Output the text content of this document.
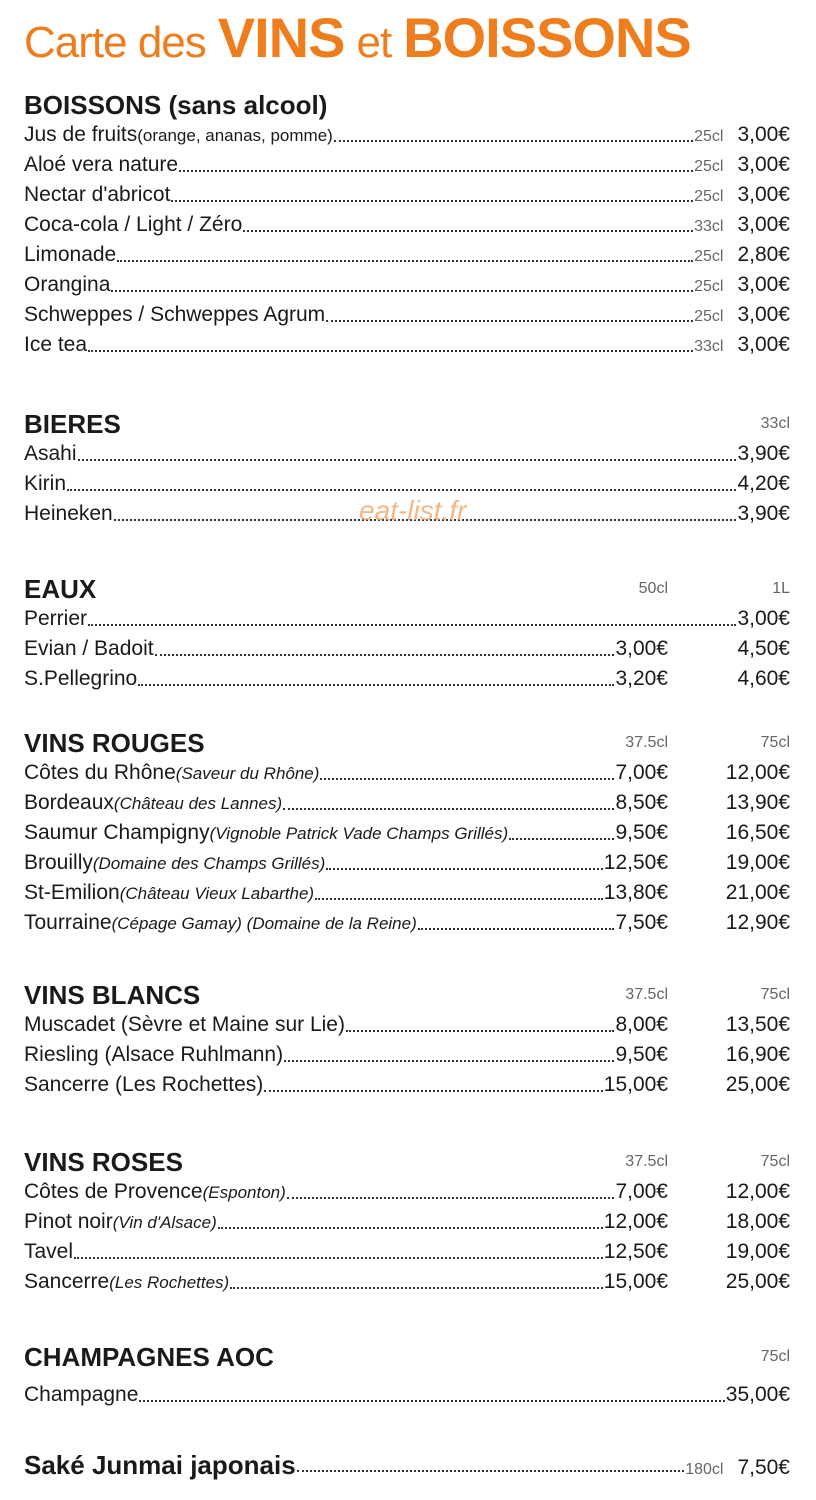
Carte des VINS et BOISSONS
BOISSONS (sans alcool)
Jus de fruits (orange, ananas, pomme)	25cl 3,00€
Aloé vera nature	25cl 3,00€
Nectar d'abricot	25cl 3,00€
Coca-cola / Light / Zéro	33cl 3,00€
Limonade	25cl 2,80€
Orangina	25cl 3,00€
Schweppes / Schweppes Agrum	25cl 3,00€
Ice tea	33cl 3,00€
BIERES	33cl
Asahi	3,90€
Kirin	4,20€
Heineken	3,90€
EAUX	50cl	1L
Perrier	3,00€
Evian / Badoit	3,00€	4,50€
S.Pellegrino	3,20€	4,60€
VINS ROUGES	37.5cl	75cl
Côtes du Rhône (Saveur du Rhône)	7,00€	12,00€
Bordeaux (Château des Lannes)	8,50€	13,90€
Saumur Champigny (Vignoble Patrick Vade Champs Grillés)	9,50€	16,50€
Brouilly (Domaine des Champs Grillés)	12,50€	19,00€
St-Emilion (Château Vieux Labarthe)	13,80€	21,00€
Tourraine (Cépage Gamay) (Domaine de la Reine)	7,50€	12,90€
VINS BLANCS	37.5cl	75cl
Muscadet (Sèvre et Maine sur Lie)	8,00€	13,50€
Riesling (Alsace Ruhlmann)	9,50€	16,90€
Sancerre (Les Rochettes)	15,00€	25,00€
VINS ROSES	37.5cl	75cl
Côtes de Provence (Esponton)	7,00€	12,00€
Pinot noir (Vin d'Alsace)	12,00€	18,00€
Tavel	12,50€	19,00€
Sancerre (Les Rochettes)	15,00€	25,00€
CHAMPAGNES AOC	75cl
Champagne	35,00€
Saké Junmai japonais	180cl 7,50€
eat-list.fr
